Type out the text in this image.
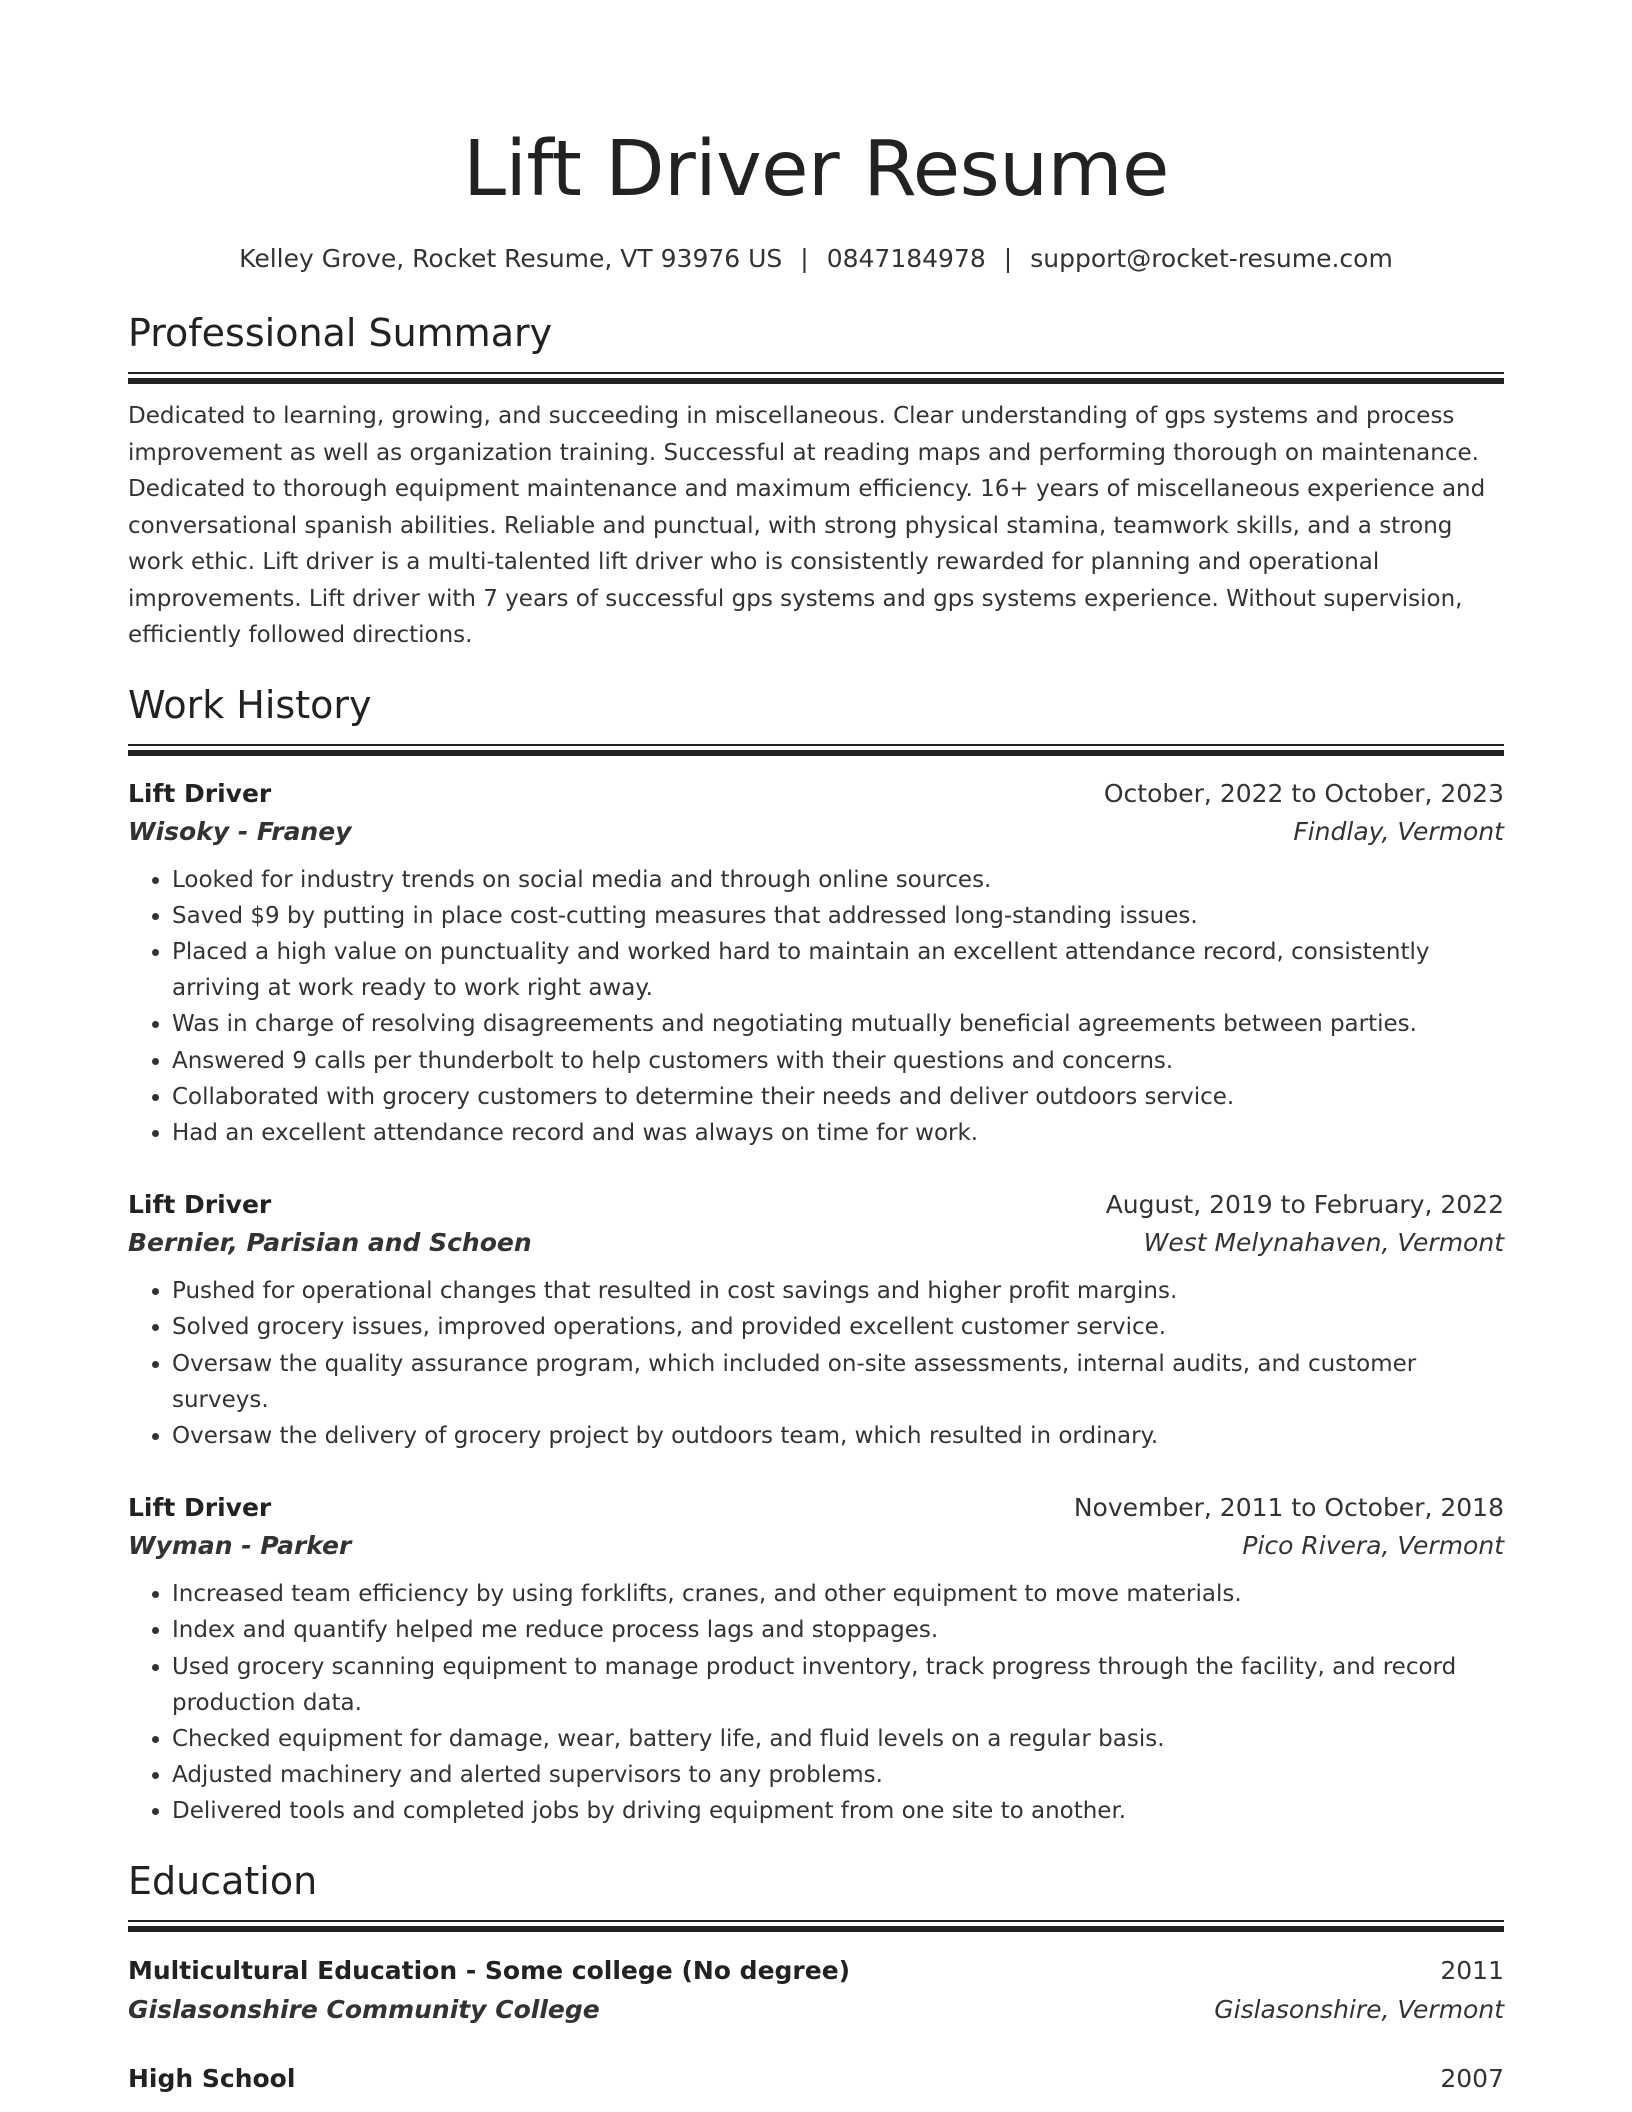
Lift Driver Resume
Kelley Grove, Rocket Resume, VT 93976 US | 0847184978 | support@rocket-resume.com
Professional Summary
Dedicated to learning, growing, and succeeding in miscellaneous. Clear understanding of gps systems and process improvement as well as organization training. Successful at reading maps and performing thorough on maintenance. Dedicated to thorough equipment maintenance and maximum efficiency. 16+ years of miscellaneous experience and conversational spanish abilities. Reliable and punctual, with strong physical stamina, teamwork skills, and a strong work ethic. Lift driver is a multi-talented lift driver who is consistently rewarded for planning and operational improvements. Lift driver with 7 years of successful gps systems and gps systems experience. Without supervision, efficiently followed directions.
Work History
Lift Driver	October, 2022 to October, 2023
Wisoky - Franey	Findlay, Vermont
• Looked for industry trends on social media and through online sources.
• Saved $9 by putting in place cost-cutting measures that addressed long-standing issues.
• Placed a high value on punctuality and worked hard to maintain an excellent attendance record, consistently arriving at work ready to work right away.
• Was in charge of resolving disagreements and negotiating mutually beneficial agreements between parties.
• Answered 9 calls per thunderbolt to help customers with their questions and concerns.
• Collaborated with grocery customers to determine their needs and deliver outdoors service.
• Had an excellent attendance record and was always on time for work.
Lift Driver	August, 2019 to February, 2022
Bernier, Parisian and Schoen	West Melynahaven, Vermont
• Pushed for operational changes that resulted in cost savings and higher profit margins.
• Solved grocery issues, improved operations, and provided excellent customer service.
• Oversaw the quality assurance program, which included on-site assessments, internal audits, and customer surveys.
• Oversaw the delivery of grocery project by outdoors team, which resulted in ordinary.
Lift Driver	November, 2011 to October, 2018
Wyman - Parker	Pico Rivera, Vermont
• Increased team efficiency by using forklifts, cranes, and other equipment to move materials.
• Index and quantify helped me reduce process lags and stoppages.
• Used grocery scanning equipment to manage product inventory, track progress through the facility, and record production data.
• Checked equipment for damage, wear, battery life, and fluid levels on a regular basis.
• Adjusted machinery and alerted supervisors to any problems.
• Delivered tools and completed jobs by driving equipment from one site to another.
Education
Multicultural Education - Some college (No degree)	2011
Gislasonshire Community College	Gislasonshire, Vermont
High School	2007
